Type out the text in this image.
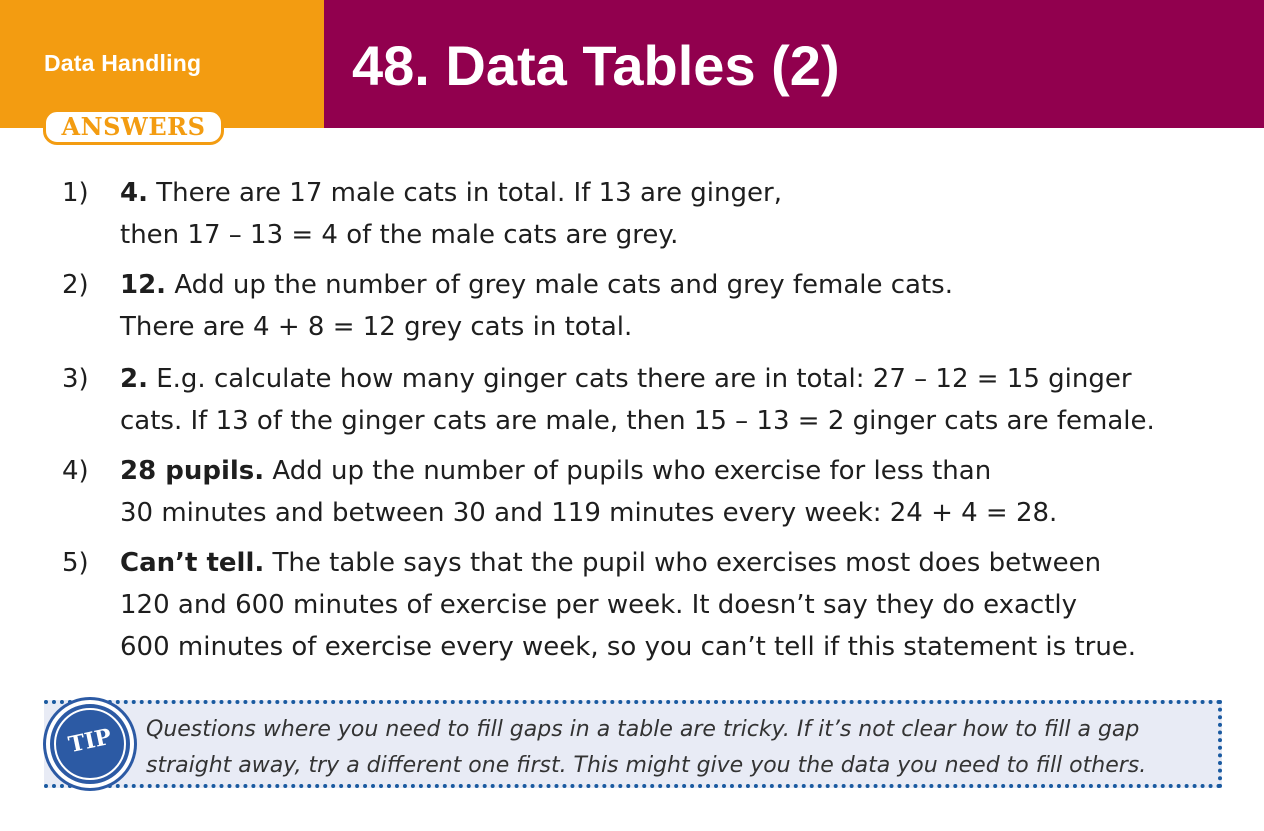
Data Handling
ANSWERS
48. Data Tables (2)
1) 4. There are 17 male cats in total. If 13 are ginger,
then 17 – 13 = 4 of the male cats are grey.
2) 12. Add up the number of grey male cats and grey female cats.
There are 4 + 8 = 12 grey cats in total.
3) 2. E.g. calculate how many ginger cats there are in total: 27 – 12 = 15 ginger
cats. If 13 of the ginger cats are male, then 15 – 13 = 2 ginger cats are female.
4) 28 pupils. Add up the number of pupils who exercise for less than
30 minutes and between 30 and 119 minutes every week: 24 + 4 = 28.
5) Can’t tell. The table says that the pupil who exercises most does between
120 and 600 minutes of exercise per week. It doesn’t say they do exactly
600 minutes of exercise every week, so you can’t tell if this statement is true.
TIP	Questions where you need to fill gaps in a table are tricky. If it’s not clear how to fill a gap
straight away, try a different one first. This might give you the data you need to fill others.
